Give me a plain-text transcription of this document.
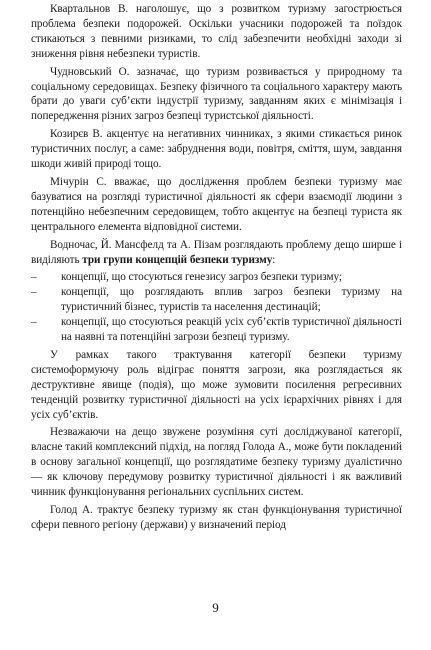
Квартальнов В. наголошує, що з розвитком туризму загострюється проблема безпеки подорожей. Оскільки учасники подорожей та поїздок стикаються з певними ризиками, то слід забезпечити необхідні заходи зі зниження рівня небезпеки туристів.

Чудновський О. зазначає, що туризм розвивається у природному та соціальному середовищах. Безпеку фізичного та соціального характеру мають брати до уваги суб’єкти індустрії туризму, завданням яких є мінімізація і попередження різних загроз безпеці туристської діяльності.

Козирєв В. акцентує на негативних чинниках, з якими стикається ринок туристичних послуг, а саме: забруднення води, повітря, сміття, шум, завдання шкоди живій природі тощо.

Мічурін С. вважає, що дослідження проблем безпеки туризму має базуватися на розгляді туристичної діяльності як сфери взаємодії людини з потенційно небезпечним середовищем, тобто акцентує на безпеці туриста як центрального елемента відповідної системи.

Водночас, Й. Мансфелд та А. Пізам розглядають проблему дещо ширше і виділяють три групи концепцій безпеки туризму:

– концепції, що стосуються генезису загроз безпеки туризму;
– концепції, що розглядають вплив загроз безпеки туризму на туристичний бізнес, туристів та населення дестинацій;
– концепції, що стосуються реакцій усіх суб’єктів туристичної діяльності на наявні та потенційні загрози безпеці туризму.

У рамках такого трактування категорії безпеки туризму системоформуючу роль відіграє поняття загрози, яка розглядається як деструктивне явище (подія), що може зумовити посилення регресивних тенденцій розвитку туристичної діяльності на усіх ієрархічних рівнях і для усіх суб’єктів.

Незважаючи на дещо звужене розуміння суті досліджуваної категорії, власне такий комплексний підхід, на погляд Голода А., може бути покладений в основу загальної концепції, що розглядатиме безпеку туризму дуалістично — як ключову передумову розвитку туристичної діяльності і як важливий чинник функціонування регіональних суспільних систем.

Голод А. трактує безпеку туризму як стан функціонування туристичної сфери певного регіону (держави) у визначений період

9
